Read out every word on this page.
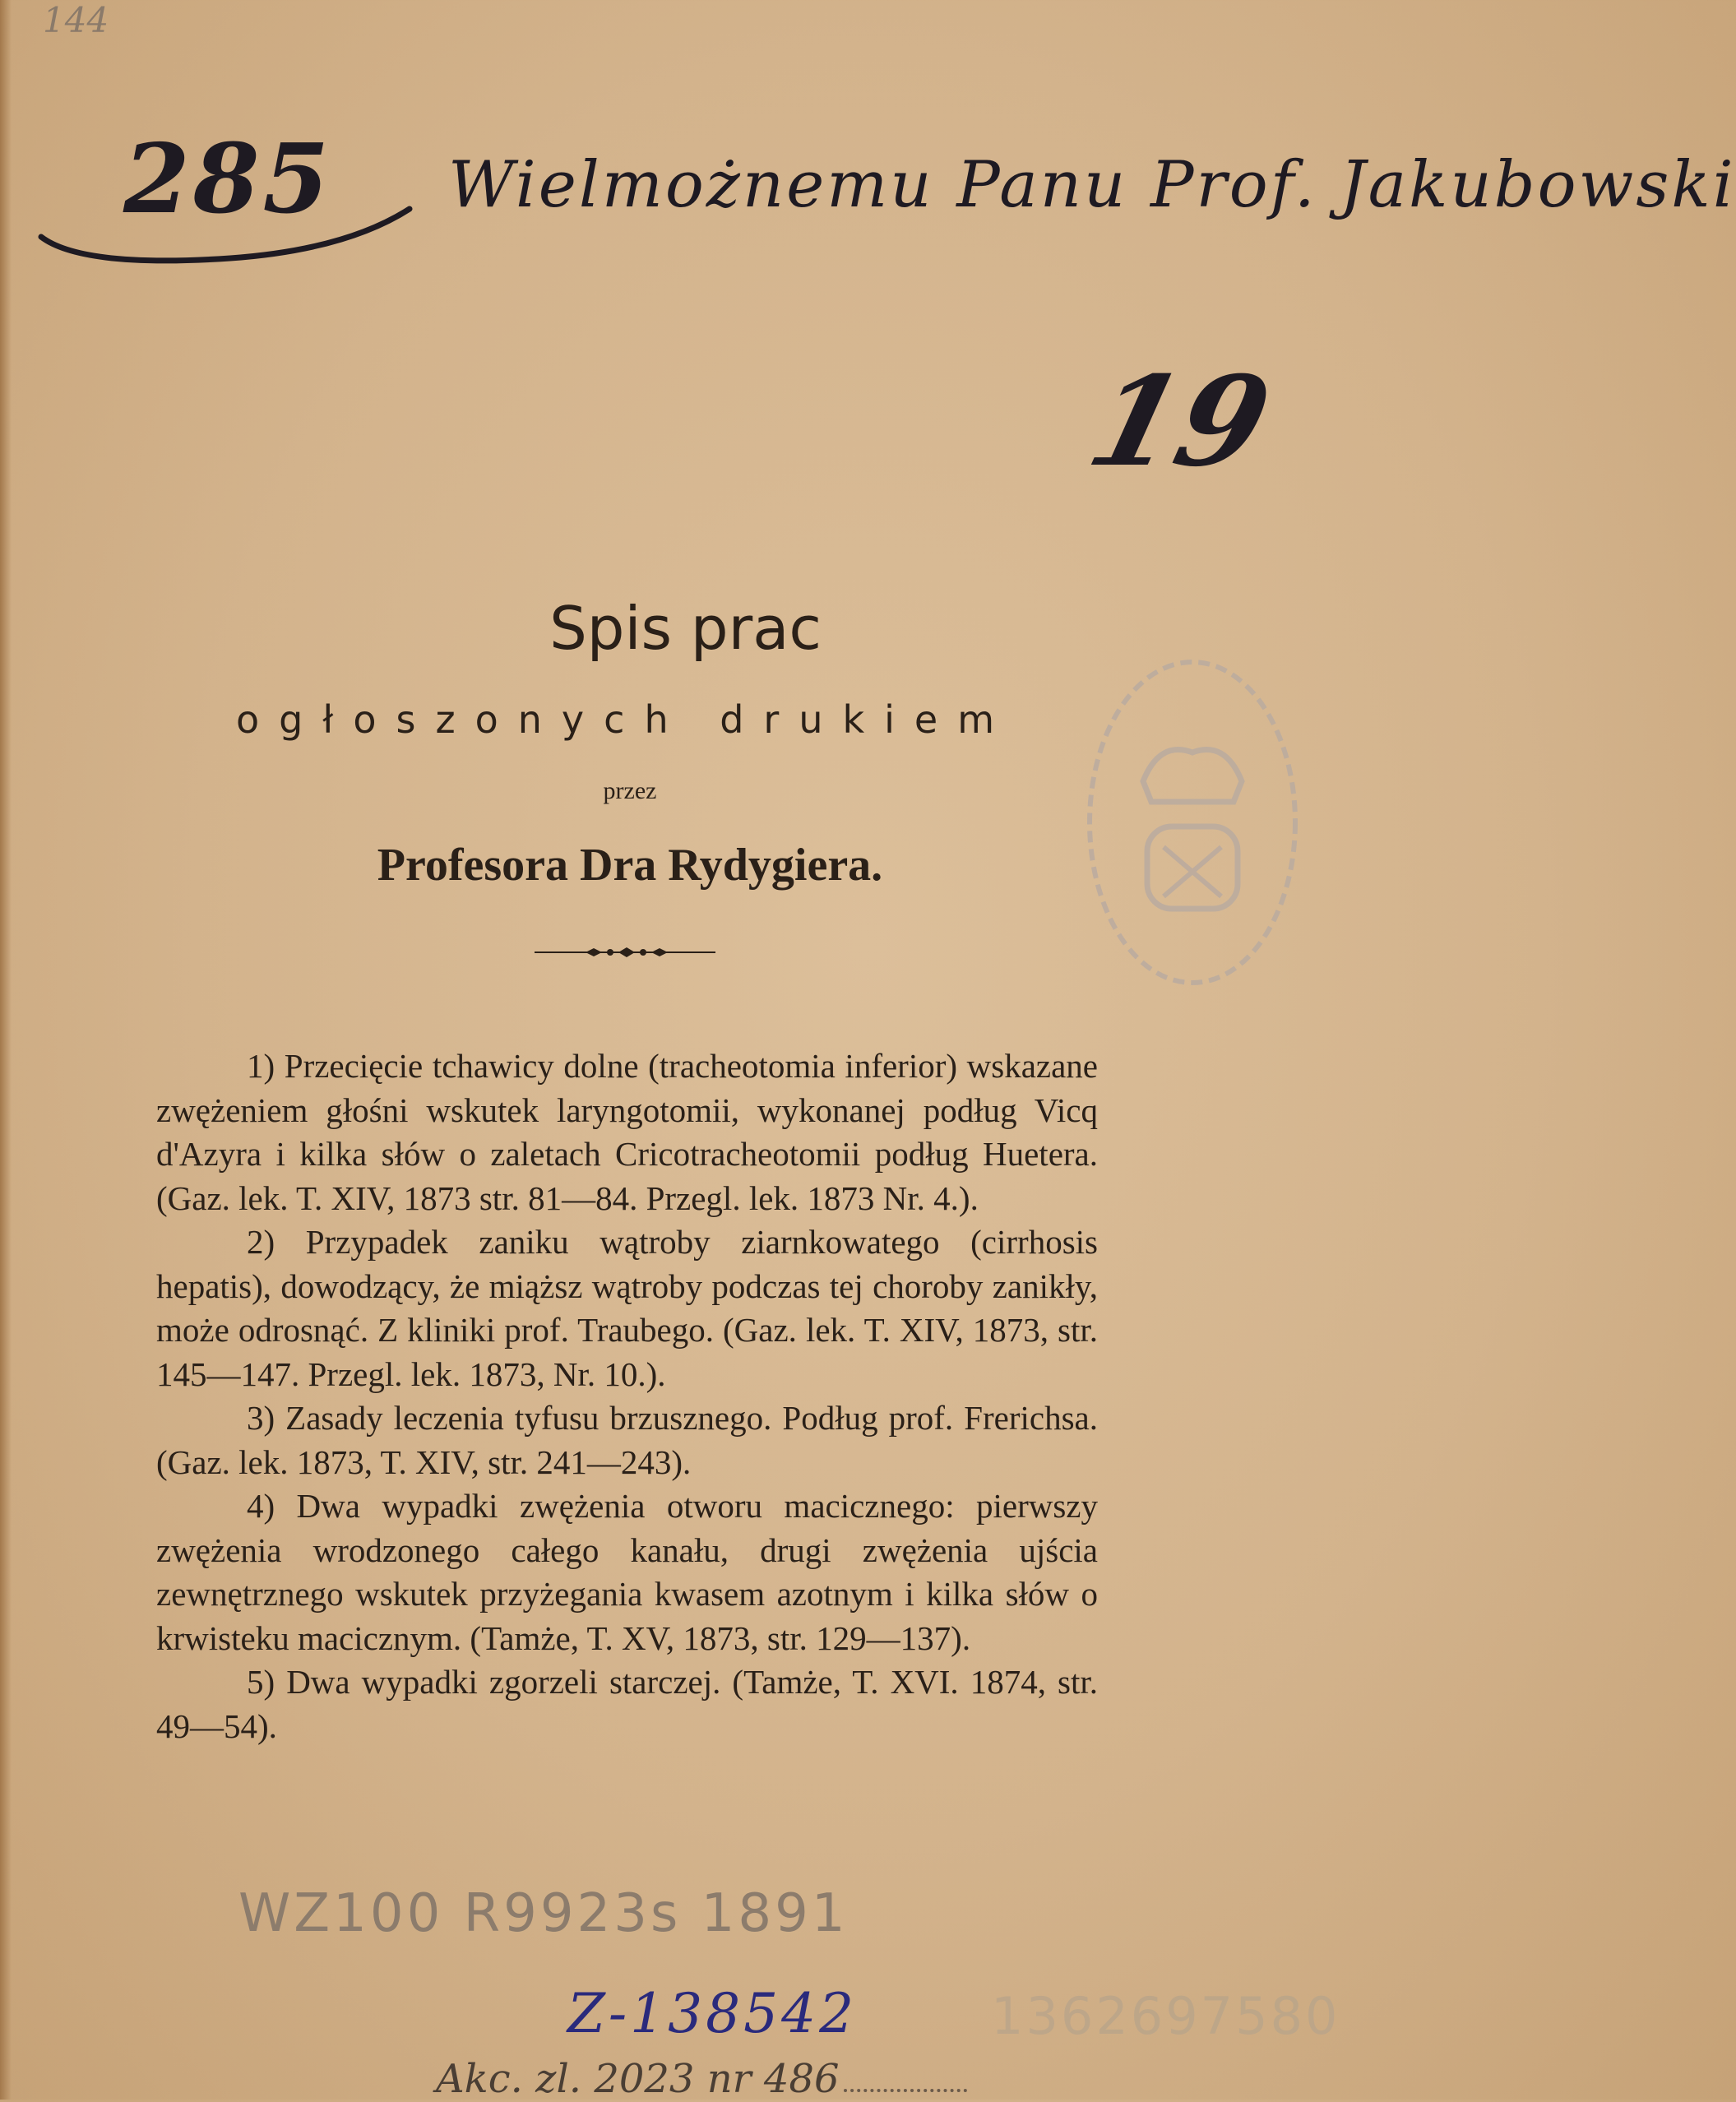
144
285 Wielmożnemu Panu Prof. Jakubowski
19
Spis prac
ogłoszonych drukiem
przez
Profesora Dra Rydygiera.

1) Przecięcie tchawicy dolne (tracheotomia inferior) wskazane zwężeniem głośni wskutek laryngotomii, wykonanej podług Vicq d'Azyra i kilka słów o zaletach Cricotracheotomii podług Huetera. (Gaz. lek. T. XIV, 1873 str. 81—84. Przegl. lek. 1873 Nr. 4.).

2) Przypadek zaniku wątroby ziarnkowatego (cirrhosis hepatis), dowodzący, że miąższ wątroby podczas tej choroby zanikły, może odrosnąć. Z kliniki prof. Traubego. (Gaz. lek. T. XIV, 1873, str. 145—147. Przegl. lek. 1873, Nr. 10.).

3) Zasady leczenia tyfusu brzusznego. Podług prof. Frerichsa. (Gaz. lek. 1873, T. XIV, str. 241—243).

4) Dwa wypadki zwężenia otworu macicznego: pierwszy zwężenia wrodzonego całego kanału, drugi zwężenia ujścia zewnętrznego wskutek przyżegania kwasem azotnym i kilka słów o krwisteku macicznym. (Tamże, T. XV, 1873, str. 129—137).

5) Dwa wypadki zgorzeli starczej. (Tamże, T. XVI. 1874, str. 49—54).

WZ100 R9923s 1891
Z-138542	1362697580
Akc. zl. 2023 nr 486
